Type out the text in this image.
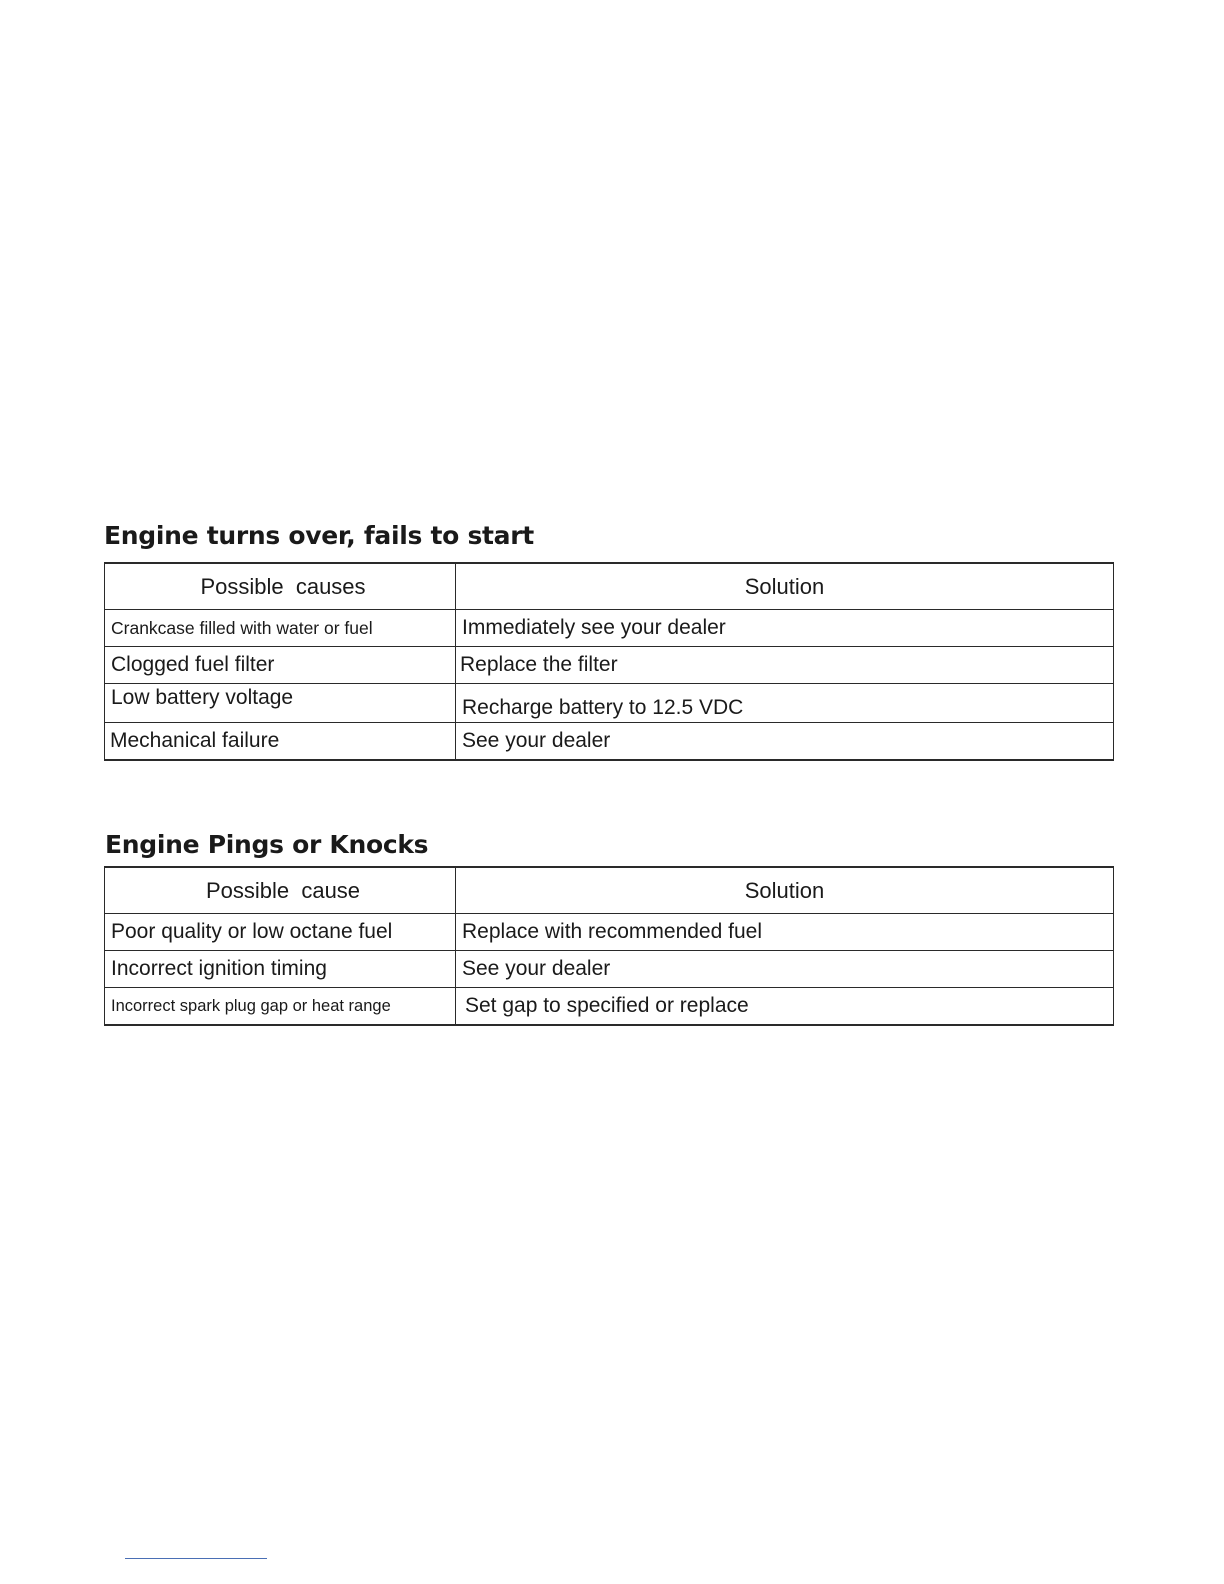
Engine turns over, fails to start
Possible  causes	Solution
Crankcase filled with water or fuel	Immediately see your dealer
Clogged fuel filter	Replace the filter
Low battery voltage	Recharge battery to 12.5 VDC
Mechanical failure	See your dealer
Engine Pings or Knocks
Possible  cause	Solution
Poor quality or low octane fuel	Replace with recommended fuel
Incorrect ignition timing	See your dealer
Incorrect spark plug gap or heat range	Set gap to specified or replace
